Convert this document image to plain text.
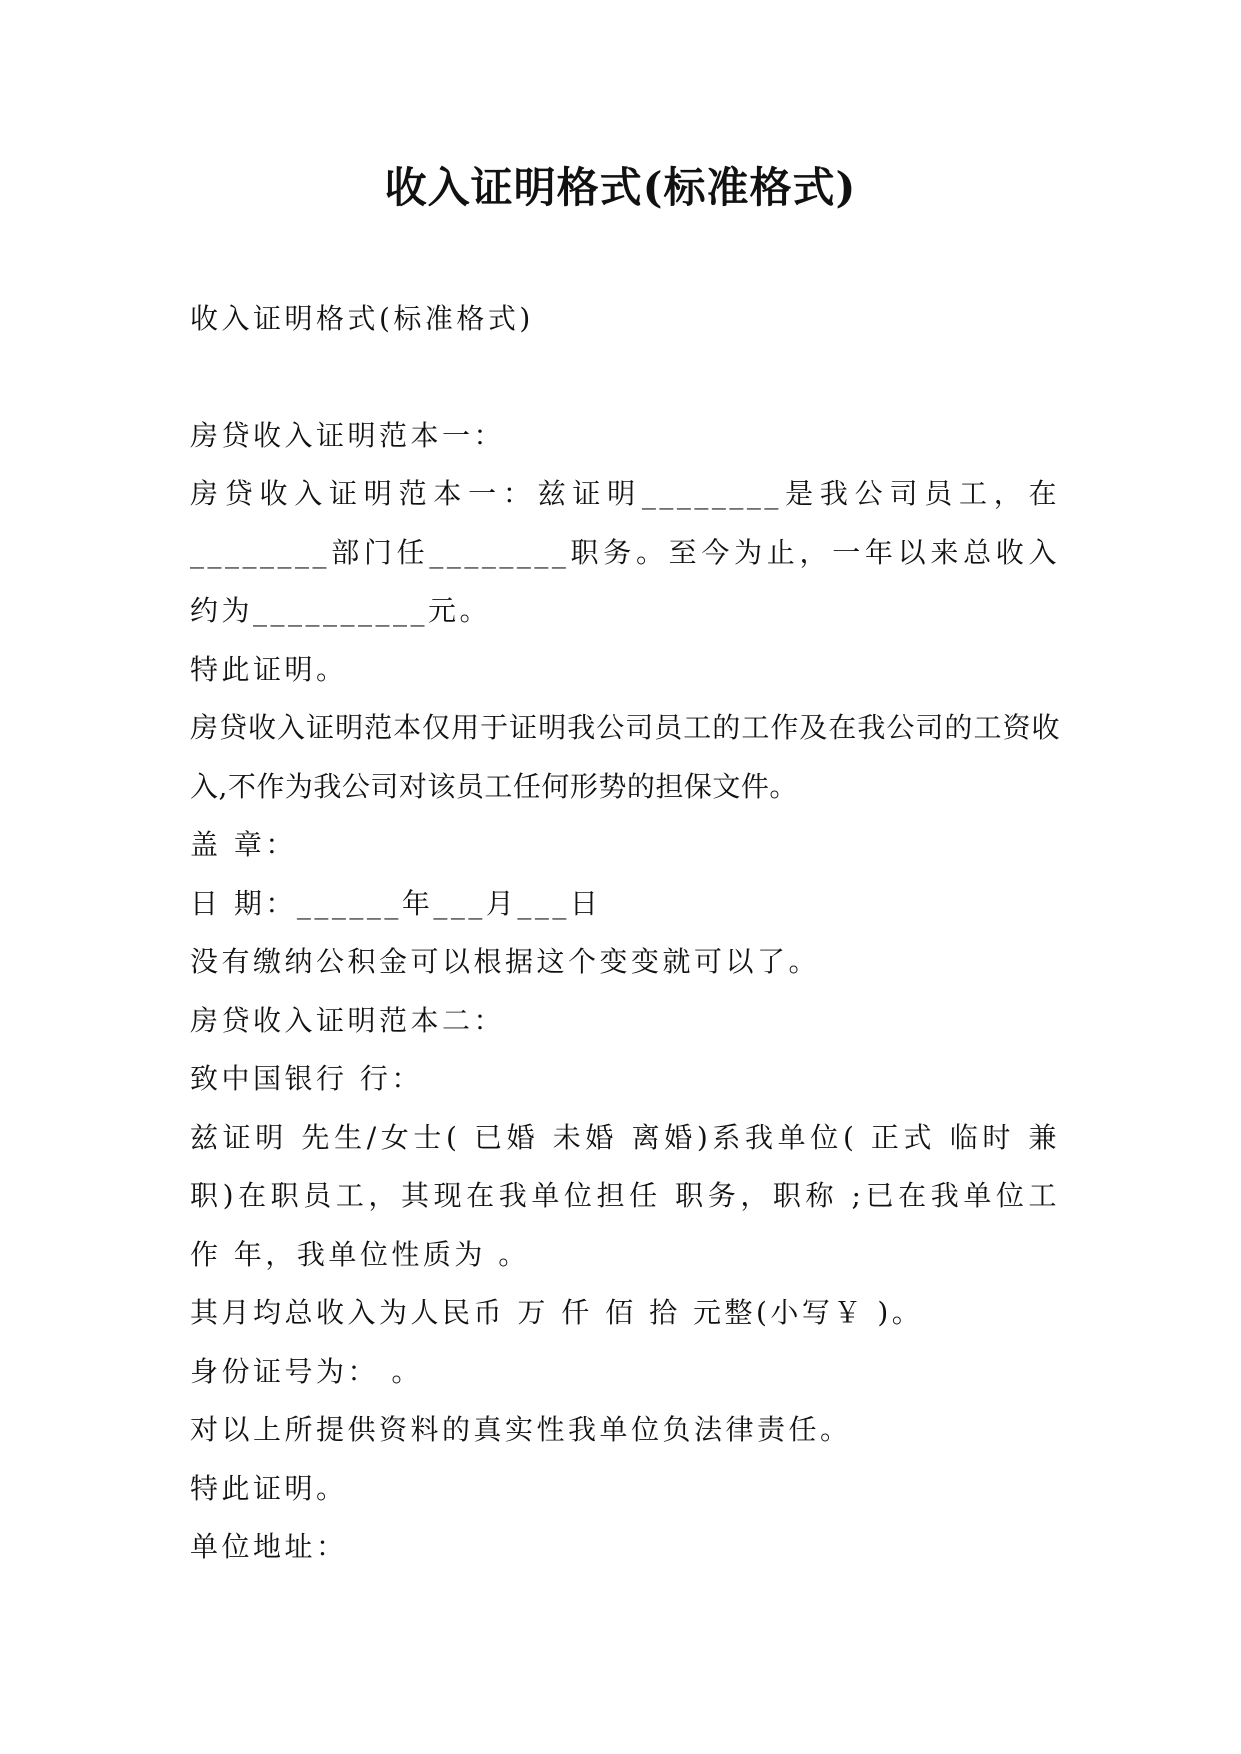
收入证明格式(标准格式)

收入证明格式(标准格式)

房贷收入证明范本一：

房贷收入证明范本一：兹证明________是我公司员工，在________部门任________职务。至今为止，一年以来总收入约为__________元。

特此证明。

房贷收入证明范本仅用于证明我公司员工的工作及在我公司的工资收入,不作为我公司对该员工任何形势的担保文件。

盖 章：

日 期：______年___月___日

没有缴纳公积金可以根据这个变变就可以了。

房贷收入证明范本二：

致中国银行 行：

兹证明 先生/女士( 已婚 未婚 离婚)系我单位( 正式 临时 兼职)在职员工，其现在我单位担任 职务，职称 ;已在我单位工作 年，我单位性质为 。

其月均总收入为人民币 万 仟 佰 拾 元整(小写￥ )。

身份证号为： 。

对以上所提供资料的真实性我单位负法律责任。

特此证明。

单位地址：
